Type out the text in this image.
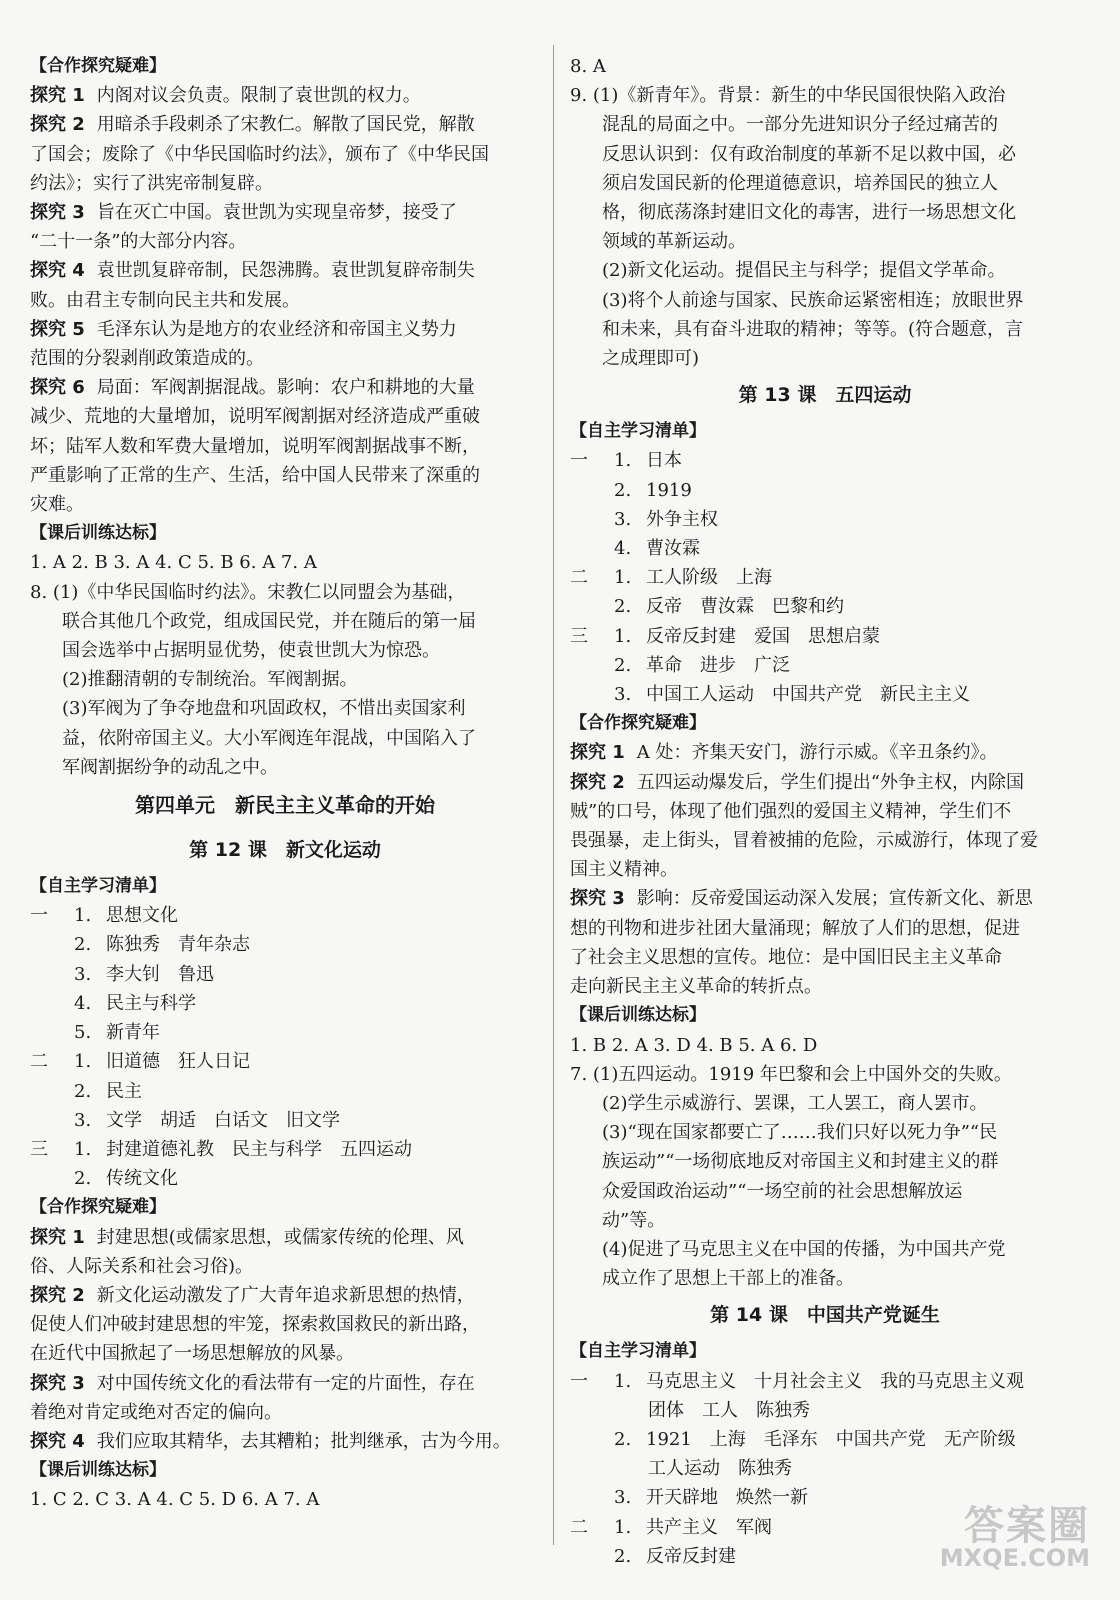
【合作探究疑难】
探究 1 内阁对议会负责。限制了袁世凯的权力。
探究 2 用暗杀手段刺杀了宋教仁。解散了国民党，解散
了国会；废除了《中华民国临时约法》，颁布了《中华民国
约法》；实行了洪宪帝制复辟。
探究 3 旨在灭亡中国。袁世凯为实现皇帝梦，接受了
“二十一条”的大部分内容。
探究 4 袁世凯复辟帝制，民怨沸腾。袁世凯复辟帝制失
败。由君主专制向民主共和发展。
探究 5 毛泽东认为是地方的农业经济和帝国主义势力
范围的分裂剥削政策造成的。
探究 6 局面：军阀割据混战。影响：农户和耕地的大量
减少、荒地的大量增加，说明军阀割据对经济造成严重破
坏；陆军人数和军费大量增加，说明军阀割据战事不断，
严重影响了正常的生产、生活，给中国人民带来了深重的
灾难。
【课后训练达标】
1. A 2. B 3. A 4. C 5. B 6. A 7. A
8. (1)《中华民国临时约法》。宋教仁以同盟会为基础，
联合其他几个政党，组成国民党，并在随后的第一届
国会选举中占据明显优势，使袁世凯大为惊恐。
(2)推翻清朝的专制统治。军阀割据。
(3)军阀为了争夺地盘和巩固政权，不惜出卖国家利
益，依附帝国主义。大小军阀连年混战，中国陷入了
军阀割据纷争的动乱之中。
第四单元　新民主主义革命的开始
第 12 课　新文化运动
【自主学习清单】
一 1. 思想文化
2. 陈独秀　青年杂志
3. 李大钊　鲁迅
4. 民主与科学
5. 新青年
二 1. 旧道德　狂人日记
2. 民主
3. 文学　胡适　白话文　旧文学
三 1. 封建道德礼教　民主与科学　五四运动
2. 传统文化
【合作探究疑难】
探究 1 封建思想(或儒家思想，或儒家传统的伦理、风
俗、人际关系和社会习俗)。
探究 2 新文化运动激发了广大青年追求新思想的热情，
促使人们冲破封建思想的牢笼，探索救国救民的新出路，
在近代中国掀起了一场思想解放的风暴。
探究 3 对中国传统文化的看法带有一定的片面性，存在
着绝对肯定或绝对否定的偏向。
探究 4 我们应取其精华，去其糟粕；批判继承，古为今用。
【课后训练达标】
1. C 2. C 3. A 4. C 5. D 6. A 7. A
8. A
9. (1)《新青年》。背景：新生的中华民国很快陷入政治
混乱的局面之中。一部分先进知识分子经过痛苦的
反思认识到：仅有政治制度的革新不足以救中国，必
须启发国民新的伦理道德意识，培养国民的独立人
格，彻底荡涤封建旧文化的毒害，进行一场思想文化
领域的革新运动。
(2)新文化运动。提倡民主与科学；提倡文学革命。
(3)将个人前途与国家、民族命运紧密相连；放眼世界
和未来，具有奋斗进取的精神；等等。(符合题意，言
之成理即可)
第 13 课　五四运动
【自主学习清单】
一 1. 日本
2. 1919
3. 外争主权
4. 曹汝霖
二 1. 工人阶级　上海
2. 反帝　曹汝霖　巴黎和约
三 1. 反帝反封建　爱国　思想启蒙
2. 革命　进步　广泛
3. 中国工人运动　中国共产党　新民主主义
【合作探究疑难】
探究 1 A 处：齐集天安门，游行示威。《辛丑条约》。
探究 2 五四运动爆发后，学生们提出“外争主权，内除国
贼”的口号，体现了他们强烈的爱国主义精神，学生们不
畏强暴，走上街头，冒着被捕的危险，示威游行，体现了爱
国主义精神。
探究 3 影响：反帝爱国运动深入发展；宣传新文化、新思
想的刊物和进步社团大量涌现；解放了人们的思想，促进
了社会主义思想的宣传。地位：是中国旧民主主义革命
走向新民主主义革命的转折点。
【课后训练达标】
1. B 2. A 3. D 4. B 5. A 6. D
7. (1)五四运动。1919 年巴黎和会上中国外交的失败。
(2)学生示威游行、罢课，工人罢工，商人罢市。
(3)“现在国家都要亡了……我们只好以死力争”“民
族运动”“一场彻底地反对帝国主义和封建主义的群
众爱国政治运动”“一场空前的社会思想解放运
动”等。
(4)促进了马克思主义在中国的传播，为中国共产党
成立作了思想上干部上的准备。
第 14 课　中国共产党诞生
【自主学习清单】
一 1. 马克思主义　十月社会主义　我的马克思主义观
团体　工人　陈独秀
2. 1921　上海　毛泽东　中国共产党　无产阶级
工人运动　陈独秀
3. 开天辟地　焕然一新
二 1. 共产主义　军阀
2. 反帝反封建
答案圈
MXQE.COM
